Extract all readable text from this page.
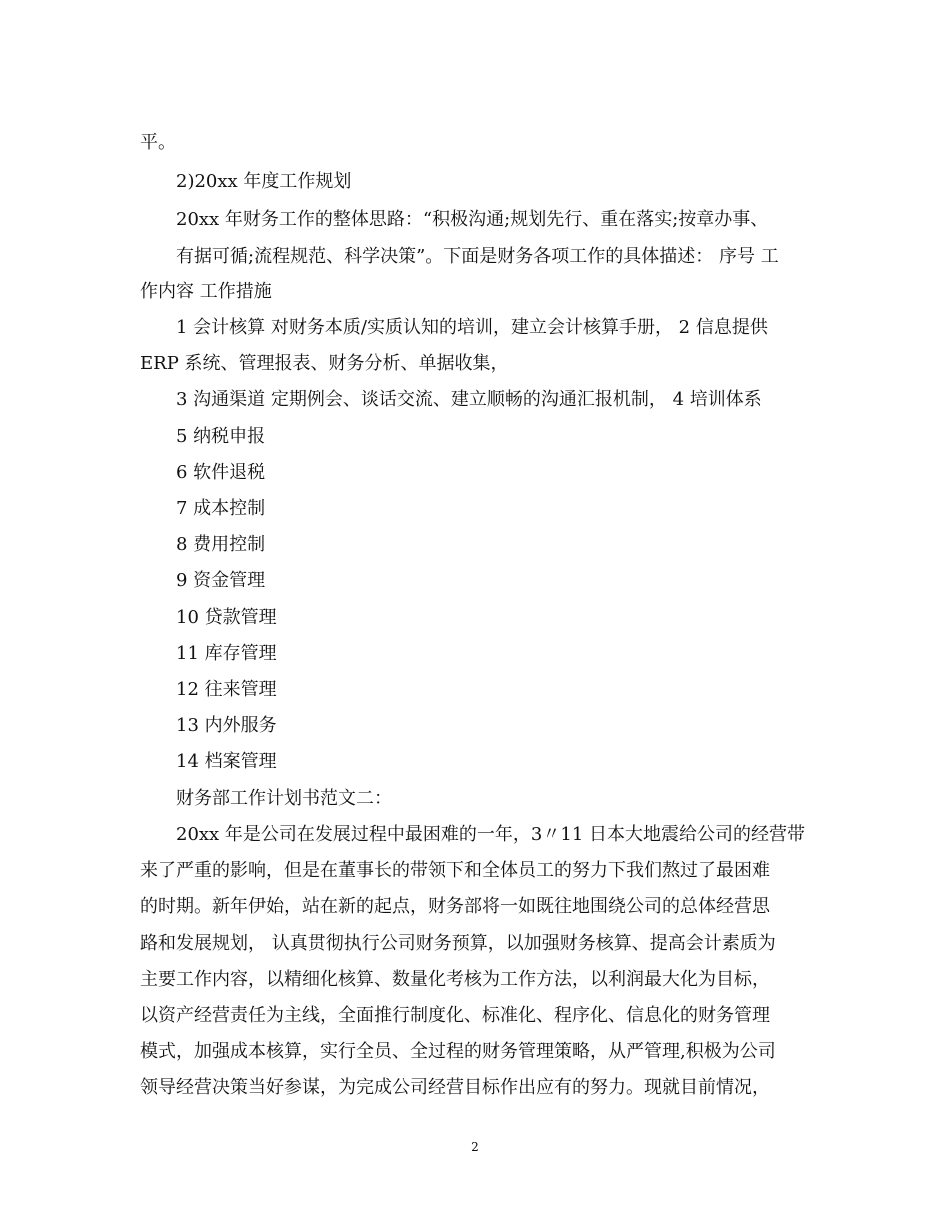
平。
2)20xx 年度工作规划
20xx 年财务工作的整体思路：“积极沟通;规划先行、重在落实;按章办事、
有据可循;流程规范、科学决策”。下面是财务各项工作的具体描述： 序号 工
作内容 工作措施
1 会计核算 对财务本质/实质认知的培训，建立会计核算手册， 2 信息提供
ERP 系统、管理报表、财务分析、单据收集，
3 沟通渠道 定期例会、谈话交流、建立顺畅的沟通汇报机制， 4 培训体系
5 纳税申报
6 软件退税
7 成本控制
8 费用控制
9 资金管理
10 贷款管理
11 库存管理
12 往来管理
13 内外服务
14 档案管理
财务部工作计划书范文二：
20xx 年是公司在发展过程中最困难的一年，3〃11 日本大地震给公司的经营带
来了严重的影响，但是在董事长的带领下和全体员工的努力下我们熬过了最困难
的时期。新年伊始，站在新的起点，财务部将一如既往地围绕公司的总体经营思
路和发展规划， 认真贯彻执行公司财务预算，以加强财务核算、提高会计素质为
主要工作内容，以精细化核算、数量化考核为工作方法，以利润最大化为目标，
以资产经营责任为主线，全面推行制度化、标准化、程序化、信息化的财务管理
模式，加强成本核算，实行全员、全过程的财务管理策略，从严管理,积极为公司
领导经营决策当好参谋，为完成公司经营目标作出应有的努力。现就目前情况，
2
